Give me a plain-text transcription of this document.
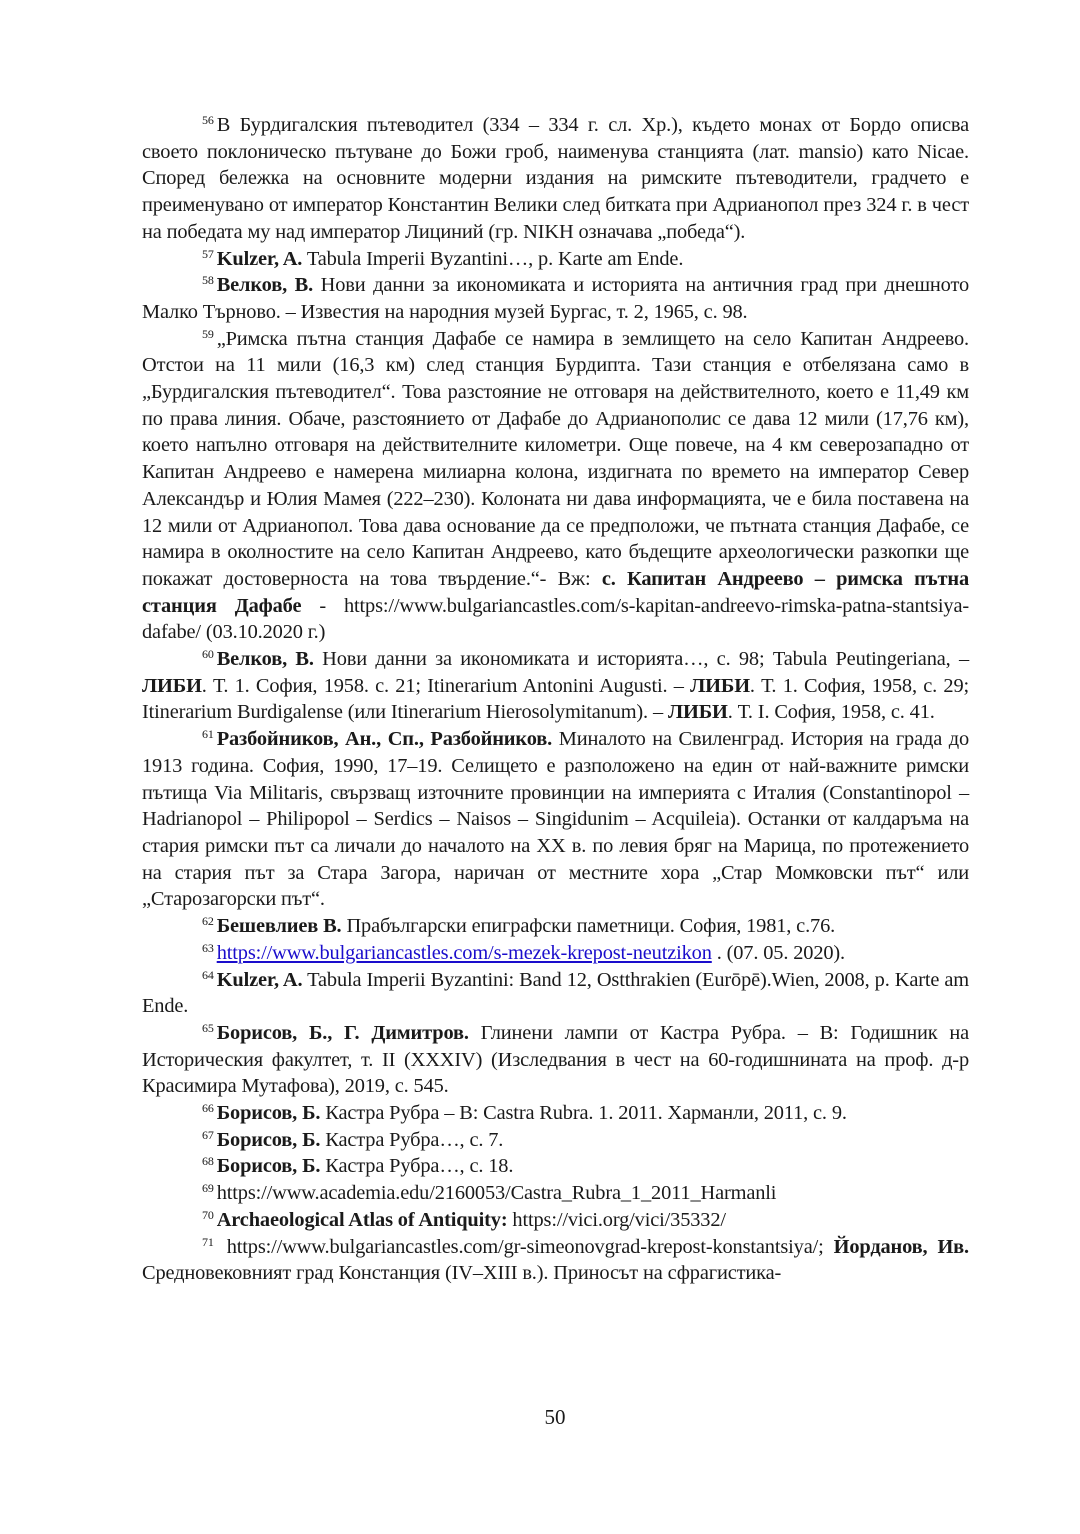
$^{56}$ В Бурдигалския пътеводител (334 – 334 г. сл. Хр.), където монах от Бордо описва своето поклоническо пътуване до Божи гроб, наименува станцията (лат. mansio) като Nicae. Според бележка на основните модерни издания на римските пътеводители, градчето е преименувано от император Константин Велики след битката при Адрианопол през 324 г. в чест на победата му над император Лициний (гр. NIKH означава „победа“).

$^{57}$ Kulzer, A. Tabula Imperii Byzantini…, p. Karte am Ende.

$^{58}$ Велков, В. Нови данни за икономиката и историята на античния град при днешното Малко Търново. – Известия на народния музей Бургас, т. 2, 1965, с. 98.

$^{59}$ „Римска пътна станция Дафабе се намира в землището на село Капитан Андреево. Отстои на 11 мили (16,3 км) след станция Бурдипта. Тази станция е отбелязана само в „Бурдигалския пътеводител“. Това разстояние не отговаря на действителното, което е 11,49 км по права линия. Обаче, разстоянието от Дафабе до Адрианополис се дава 12 мили (17,76 км), което напълно отговаря на действителните километри. Още повече, на 4 км северозападно от Капитан Андреево е намерена милиарна колона, издигната по времето на император Север Александър и Юлия Мамея (222–230). Колоната ни дава информацията, че е била поставена на 12 мили от Адрианопол. Това дава основание да се предположи, че пътната станция Дафабе, се намира в околностите на село Капитан Андреево, като бъдещите археологически разкопки ще покажат достоверноста на това твърдение.“- Вж: с. Капитан Андреево – римска пътна станция Дафабе - https://www.bulgariancastles.com/s-kapitan-andreevo-rimska-patna-stantsiya-dafabe/ (03.10.2020 г.)

$^{60}$ Велков, В. Нови данни за икономиката и историята…, с. 98; Tabula Peutingeriana, – ЛИБИ. Т. 1. София, 1958. с. 21; Itinerarium Antonini Augusti. – ЛИБИ. Т. 1. София, 1958, с. 29; Itinerarium Burdigalense (или Itinerarium Hierosolymitanum). – ЛИБИ. Т. I. София, 1958, с. 41.

$^{61}$ Разбойников, Ан., Сп., Разбойников. Миналото на Свиленград. История на града до 1913 година. София, 1990, 17–19. Селището е разположено на един от най-важните римски пътища Via Militaris, свързващ източните провинции на империята с Италия (Constantinopol – Hadrianopol – Philipopol – Serdics – Naisos – Singidunim – Acquileia). Останки от калдаръма на стария римски път са личали до началото на XX в. по левия бряг на Марица, по протежението на стария път за Стара Загора, наричан от местните хора „Стар Момковски път“ или „Старозагорски път“.

$^{62}$ Бешевлиев В. Прабългарски епиграфски паметници. София, 1981, с.76.

$^{63}$ https://www.bulgariancastles.com/s-mezek-krepost-neutzikon . (07. 05. 2020).

$^{64}$ Kulzer, A. Tabula Imperii Byzantini: Band 12, Ostthrakien (Eurōpē).Wien, 2008, p. Karte am Ende.

$^{65}$ Борисов, Б., Г. Димитров. Глинени лампи от Кастра Рубра. – В: Годишник на Историческия факултет, т. II (XXXIV) (Изследвания в чест на 60-годишнината на проф. д-р Красимира Мутафова), 2019, с. 545.

$^{66}$ Борисов, Б. Кастра Рубра – В: Castra Rubra. 1. 2011. Харманли, 2011, с. 9.

$^{67}$ Борисов, Б. Кастра Рубра…, с. 7.

$^{68}$ Борисов, Б. Кастра Рубра…, с. 18.

$^{69}$ https://www.academia.edu/2160053/Castra_Rubra_1_2011_Harmanli

$^{70}$ Archaeological Atlas of Antiquity: https://vici.org/vici/35332/

$^{71}$ https://www.bulgariancastles.com/gr-simeonovgrad-krepost-konstantsiya/; Йорданов, Ив. Средновековният град Констанция (IV–XIII в.). Приносът на сфрагистика-

50
